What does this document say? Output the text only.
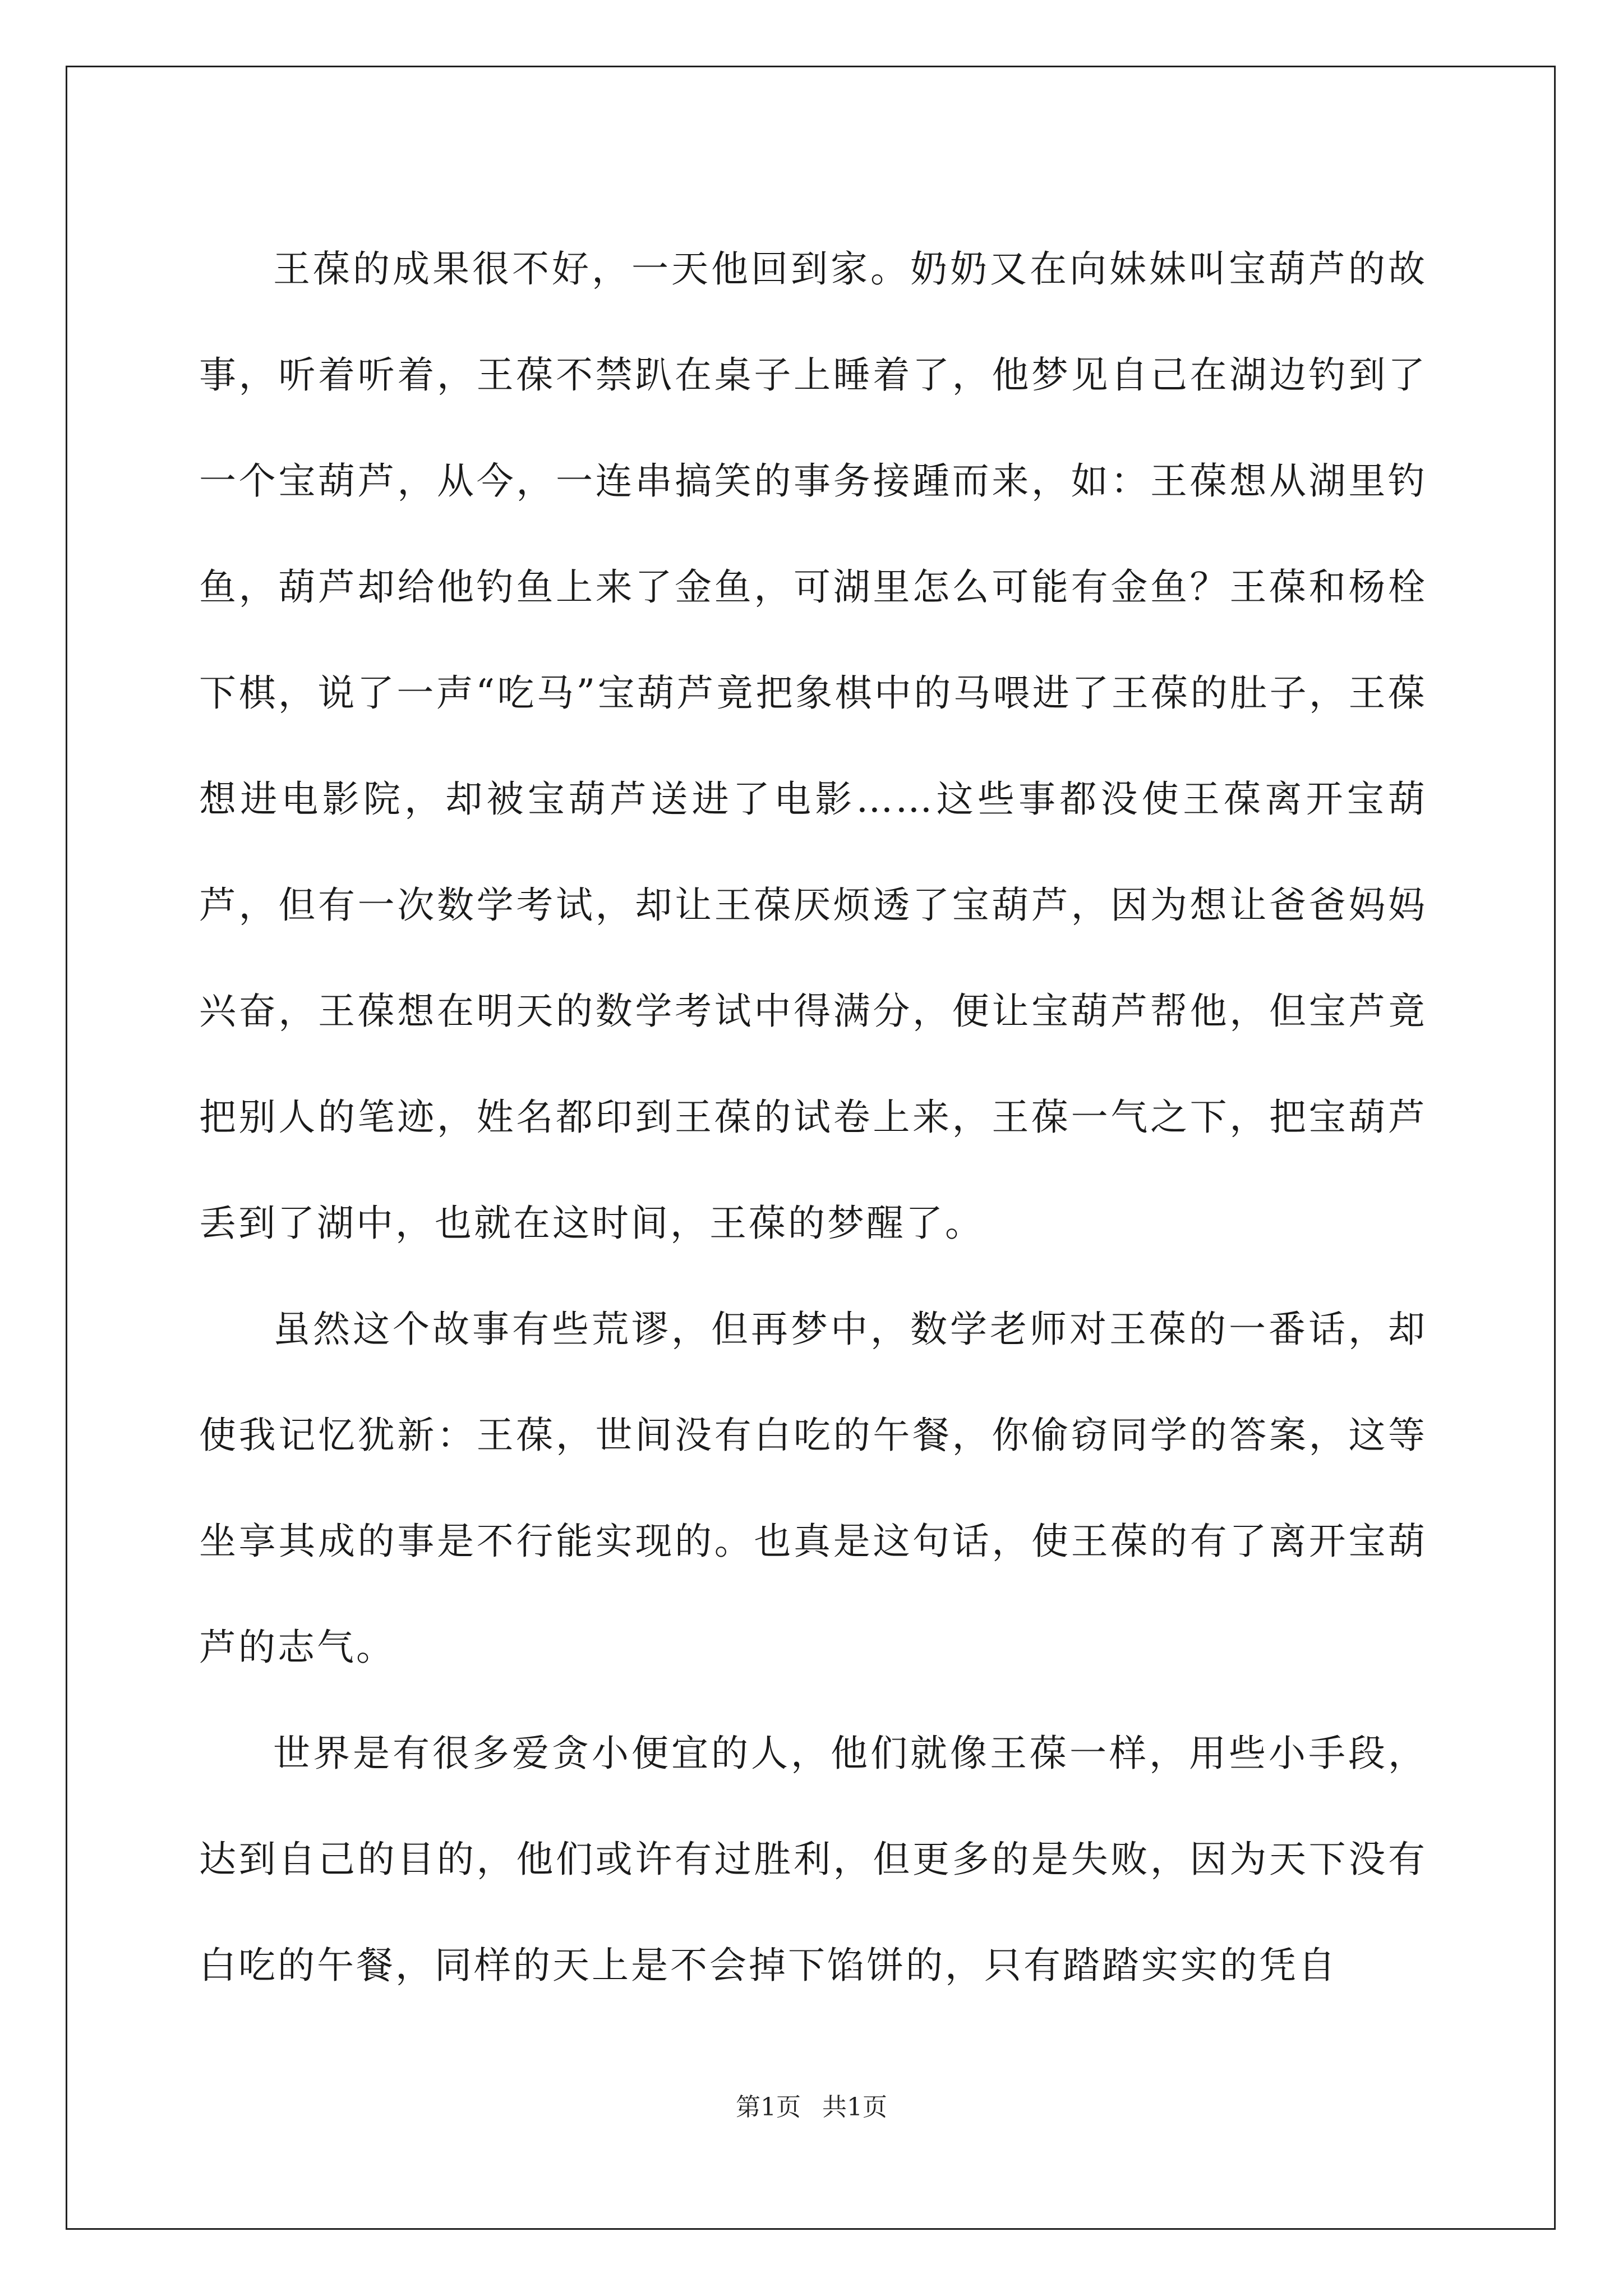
王葆的成果很不好，一天他回到家。奶奶又在向妹妹叫宝葫芦的故事，听着听着，王葆不禁趴在桌子上睡着了，他梦见自己在湖边钓到了一个宝葫芦，从今，一连串搞笑的事务接踵而来，如：王葆想从湖里钓鱼，葫芦却给他钓鱼上来了金鱼，可湖里怎么可能有金鱼？王葆和杨栓下棋，说了一声“吃马”宝葫芦竟把象棋中的马喂进了王葆的肚子，王葆想进电影院，却被宝葫芦送进了电影……这些事都没使王葆离开宝葫芦，但有一次数学考试，却让王葆厌烦透了宝葫芦，因为想让爸爸妈妈兴奋，王葆想在明天的数学考试中得满分，便让宝葫芦帮他，但宝芦竟把别人的笔迹，姓名都印到王葆的试卷上来，王葆一气之下，把宝葫芦丢到了湖中，也就在这时间，王葆的梦醒了。

虽然这个故事有些荒谬，但再梦中，数学老师对王葆的一番话，却使我记忆犹新：王葆，世间没有白吃的午餐，你偷窃同学的答案，这等坐享其成的事是不行能实现的。也真是这句话，使王葆的有了离开宝葫芦的志气。

世界是有很多爱贪小便宜的人，他们就像王葆一样，用些小手段，达到自己的目的，他们或许有过胜利，但更多的是失败，因为天下没有白吃的午餐，同样的天上是不会掉下馅饼的，只有踏踏实实的凭自

第1页 共1页
